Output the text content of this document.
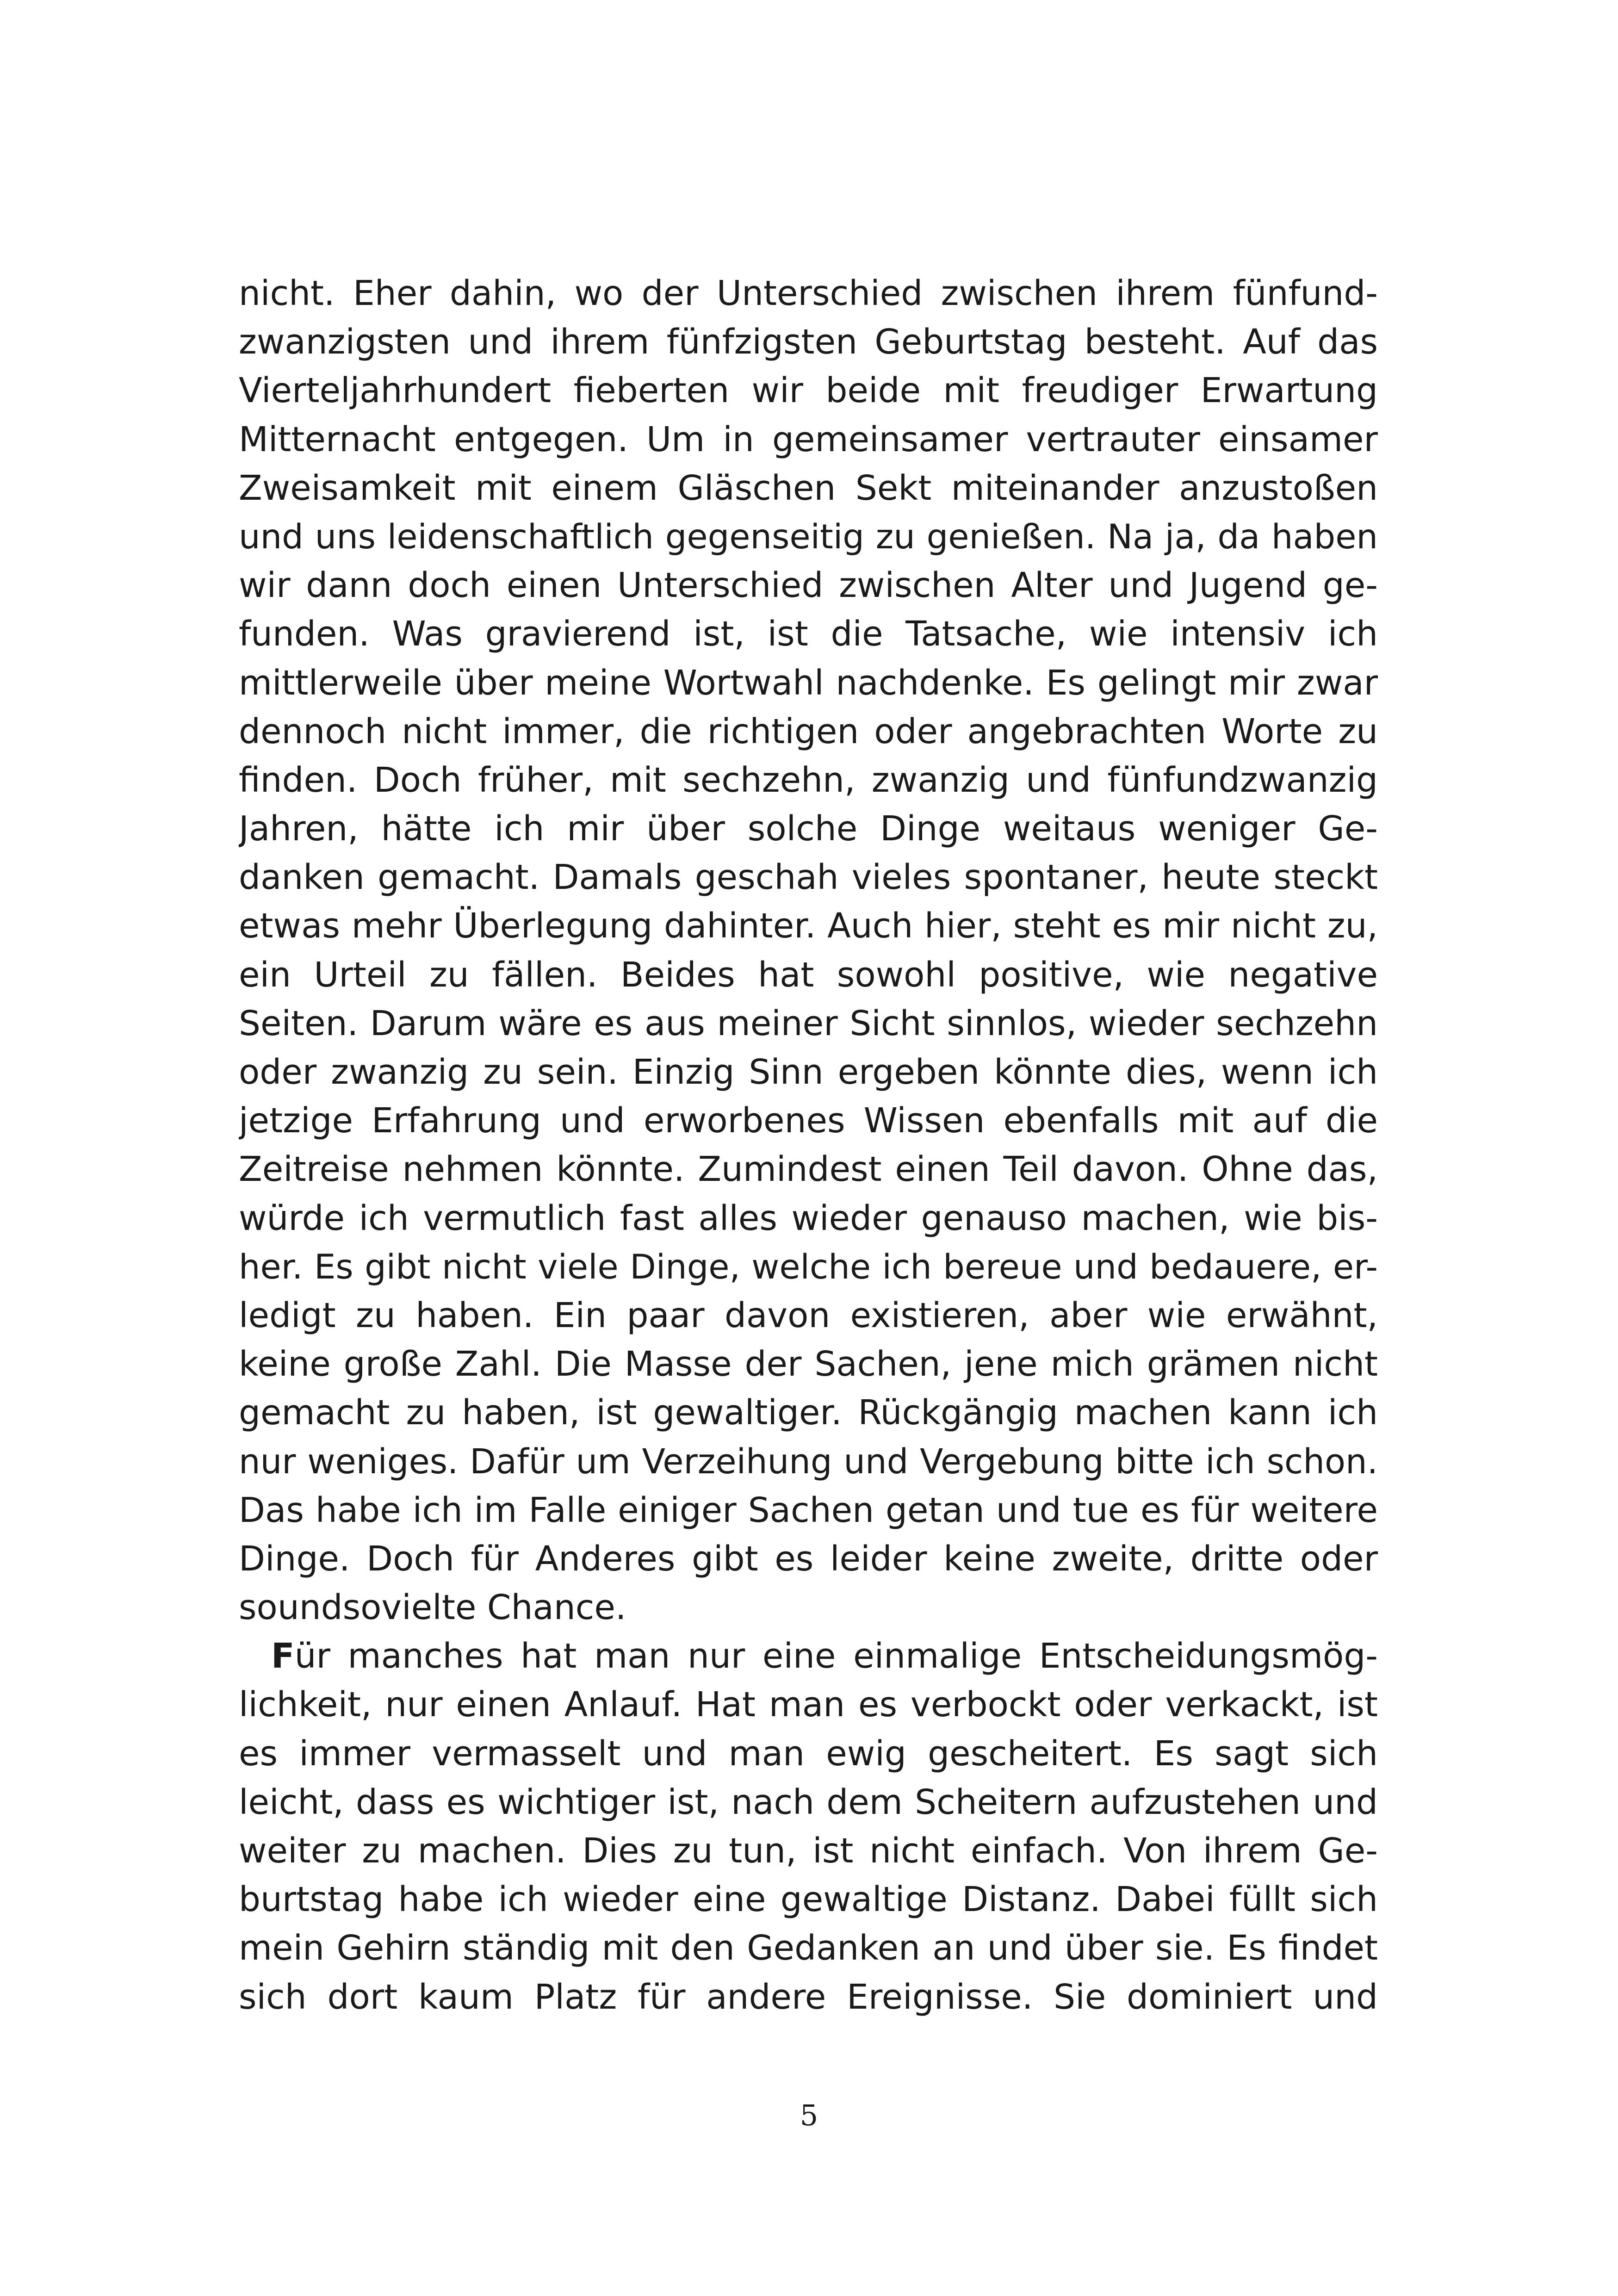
nicht. Eher dahin, wo der Unterschied zwischen ihrem fünfund-
zwanzigsten und ihrem fünfzigsten Geburtstag besteht. Auf das
Vierteljahrhundert fieberten wir beide mit freudiger Erwartung
Mitternacht entgegen. Um in gemeinsamer vertrauter einsamer
Zweisamkeit mit einem Gläschen Sekt miteinander anzustoßen
und uns leidenschaftlich gegenseitig zu genießen. Na ja, da haben
wir dann doch einen Unterschied zwischen Alter und Jugend ge-
funden. Was gravierend ist, ist die Tatsache, wie intensiv ich
mittlerweile über meine Wortwahl nachdenke. Es gelingt mir zwar
dennoch nicht immer, die richtigen oder angebrachten Worte zu
finden. Doch früher, mit sechzehn, zwanzig und fünfundzwanzig
Jahren, hätte ich mir über solche Dinge weitaus weniger Ge-
danken gemacht. Damals geschah vieles spontaner, heute steckt
etwas mehr Überlegung dahinter. Auch hier, steht es mir nicht zu,
ein Urteil zu fällen. Beides hat sowohl positive, wie negative
Seiten. Darum wäre es aus meiner Sicht sinnlos, wieder sechzehn
oder zwanzig zu sein. Einzig Sinn ergeben könnte dies, wenn ich
jetzige Erfahrung und erworbenes Wissen ebenfalls mit auf die
Zeitreise nehmen könnte. Zumindest einen Teil davon. Ohne das,
würde ich vermutlich fast alles wieder genauso machen, wie bis-
her. Es gibt nicht viele Dinge, welche ich bereue und bedauere, er-
ledigt zu haben. Ein paar davon existieren, aber wie erwähnt,
keine große Zahl. Die Masse der Sachen, jene mich grämen nicht
gemacht zu haben, ist gewaltiger. Rückgängig machen kann ich
nur weniges. Dafür um Verzeihung und Vergebung bitte ich schon.
Das habe ich im Falle einiger Sachen getan und tue es für weitere
Dinge. Doch für Anderes gibt es leider keine zweite, dritte oder
soundsovielte Chance.
Für manches hat man nur eine einmalige Entscheidungsmög-
lichkeit, nur einen Anlauf. Hat man es verbockt oder verkackt, ist
es immer vermasselt und man ewig gescheitert. Es sagt sich
leicht, dass es wichtiger ist, nach dem Scheitern aufzustehen und
weiter zu machen. Dies zu tun, ist nicht einfach. Von ihrem Ge-
burtstag habe ich wieder eine gewaltige Distanz. Dabei füllt sich
mein Gehirn ständig mit den Gedanken an und über sie. Es findet
sich dort kaum Platz für andere Ereignisse. Sie dominiert und
5
